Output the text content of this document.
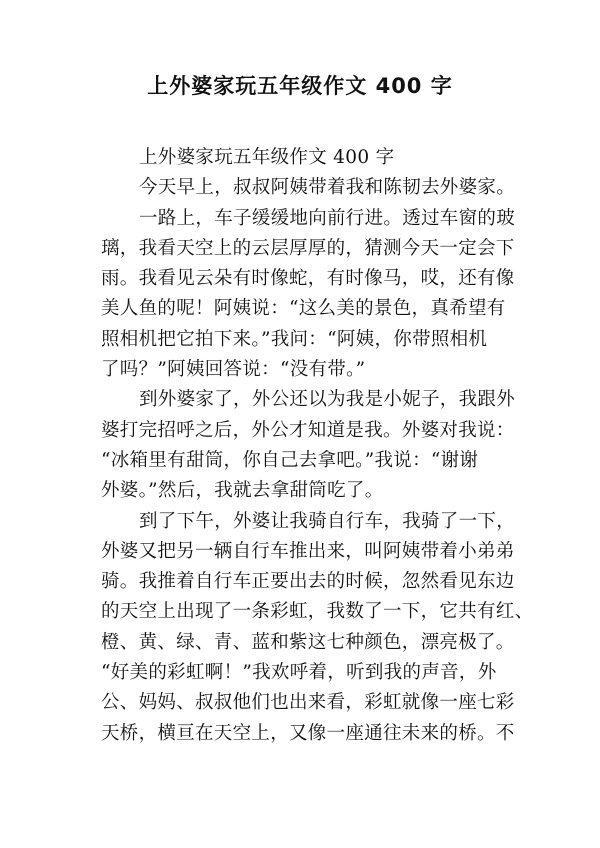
上外婆家玩五年级作文 400 字
上外婆家玩五年级作文 400 字
今天早上，叔叔阿姨带着我和陈韧去外婆家。
一路上，车子缓缓地向前行进。透过车窗的玻
璃，我看天空上的云层厚厚的，猜测今天一定会下
雨。我看见云朵有时像蛇，有时像马，哎，还有像
美人鱼的呢！阿姨说：“这么美的景色，真希望有
照相机把它拍下来。”我问：“阿姨，你带照相机
了吗？”阿姨回答说：“没有带。”
到外婆家了，外公还以为我是小妮子，我跟外
婆打完招呼之后，外公才知道是我。外婆对我说：
“冰箱里有甜筒，你自己去拿吧。”我说：“谢谢
外婆。”然后，我就去拿甜筒吃了。
到了下午，外婆让我骑自行车，我骑了一下，
外婆又把另一辆自行车推出来，叫阿姨带着小弟弟
骑。我推着自行车正要出去的时候，忽然看见东边
的天空上出现了一条彩虹，我数了一下，它共有红、
橙、黄、绿、青、蓝和紫这七种颜色，漂亮极了。
“好美的彩虹啊！”我欢呼着，听到我的声音，外
公、妈妈、叔叔他们也出来看，彩虹就像一座七彩
天桥，横亘在天空上，又像一座通往未来的桥。不
